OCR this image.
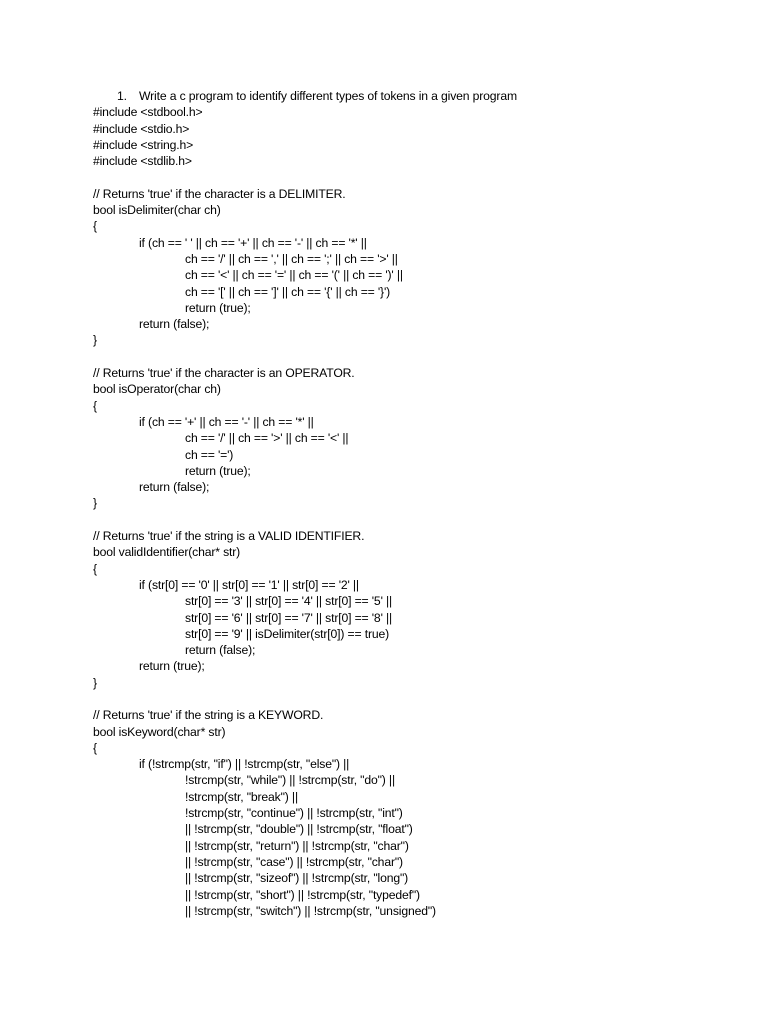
1. Write a c program to identify different types of tokens in a given program
#include <stdbool.h>
#include <stdio.h>
#include <string.h>
#include <stdlib.h>
// Returns 'true' if the character is a DELIMITER.
bool isDelimiter(char ch)
{
if (ch == ' ' || ch == '+' || ch == '-' || ch == '*' ||
ch == '/' || ch == ',' || ch == ';' || ch == '>' ||
ch == '<' || ch == '=' || ch == '(' || ch == ')' ||
ch == '[' || ch == ']' || ch == '{' || ch == '}')
return (true);
return (false);
}
// Returns 'true' if the character is an OPERATOR.
bool isOperator(char ch)
{
if (ch == '+' || ch == '-' || ch == '*' ||
ch == '/' || ch == '>' || ch == '<' ||
ch == '=')
return (true);
return (false);
}
// Returns 'true' if the string is a VALID IDENTIFIER.
bool validIdentifier(char* str)
{
if (str[0] == '0' || str[0] == '1' || str[0] == '2' ||
str[0] == '3' || str[0] == '4' || str[0] == '5' ||
str[0] == '6' || str[0] == '7' || str[0] == '8' ||
str[0] == '9' || isDelimiter(str[0]) == true)
return (false);
return (true);
}
// Returns 'true' if the string is a KEYWORD.
bool isKeyword(char* str)
{
if (!strcmp(str, "if") || !strcmp(str, "else") ||
!strcmp(str, "while") || !strcmp(str, "do") ||
!strcmp(str, "break") ||
!strcmp(str, "continue") || !strcmp(str, "int")
|| !strcmp(str, "double") || !strcmp(str, "float")
|| !strcmp(str, "return") || !strcmp(str, "char")
|| !strcmp(str, "case") || !strcmp(str, "char")
|| !strcmp(str, "sizeof") || !strcmp(str, "long")
|| !strcmp(str, "short") || !strcmp(str, "typedef")
|| !strcmp(str, "switch") || !strcmp(str, "unsigned")
